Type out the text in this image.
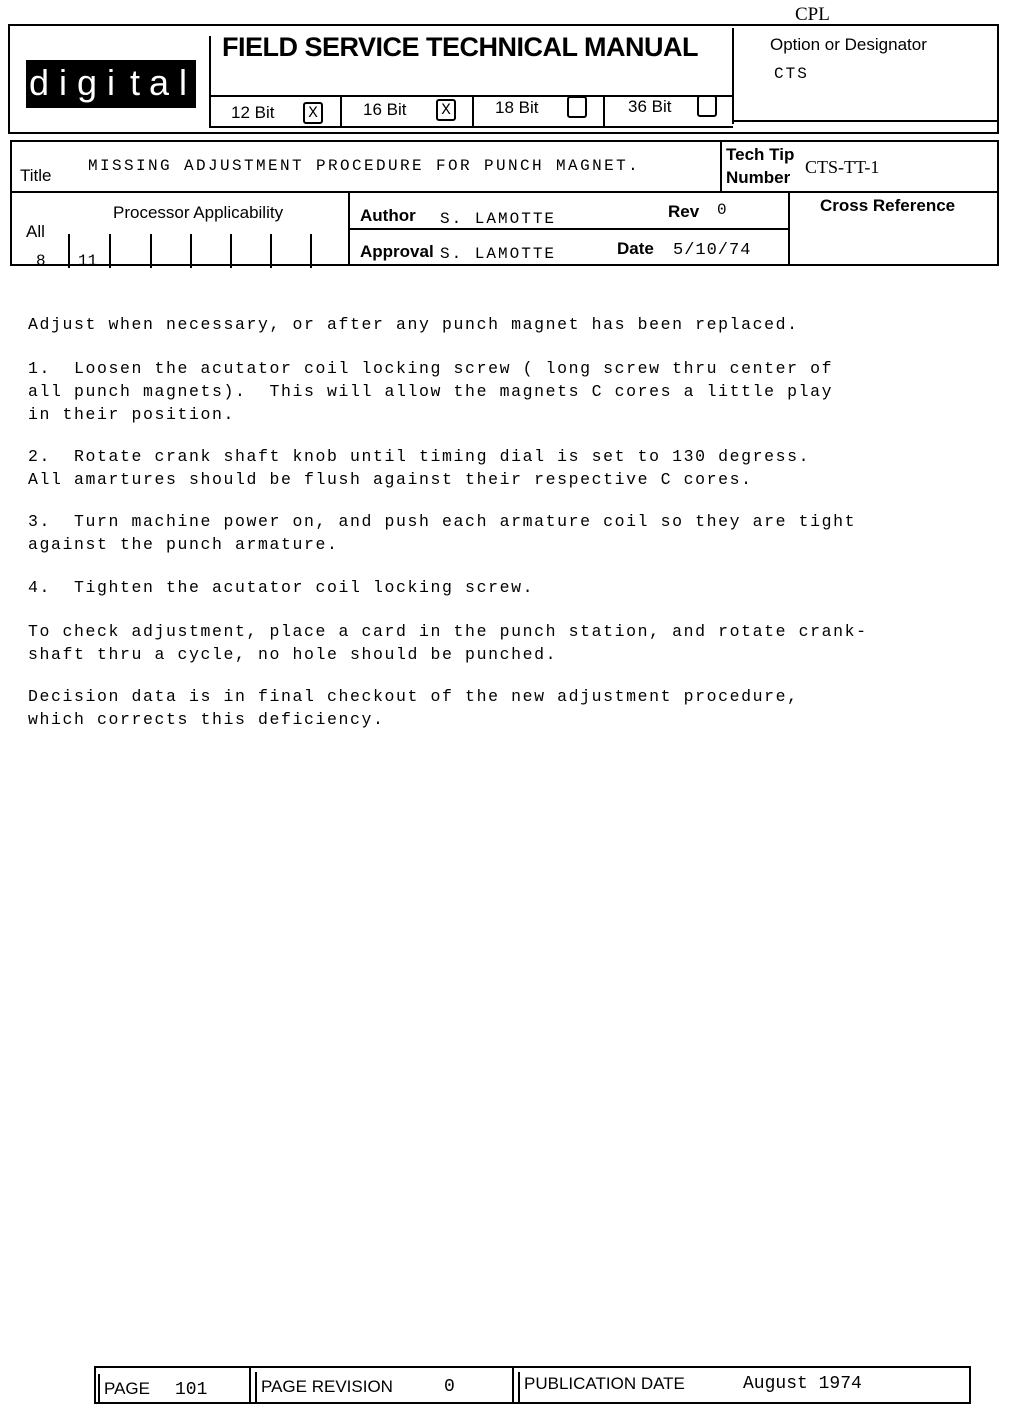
CPL
d i g i t a l
FIELD SERVICE TECHNICAL MANUAL	Option or Designator
CTS
12 Bit	X	16 Bit	X	18 Bit	36 Bit
Title MISSING ADJUSTMENT PROCEDURE FOR PUNCH MAGNET.
Tech Tip
Number
CTS-TT-1
Processor Applicability
All
8 11
Author S. LAMOTTE	Rev 0
Approval S. LAMOTTE	Date 5/10/74
Cross Reference
Adjust when necessary, or after any punch magnet has been replaced.
1.  Loosen the acutator coil locking screw ( long screw thru center of
all punch magnets).  This will allow the magnets C cores a little play
in their position.
2.  Rotate crank shaft knob until timing dial is set to 130 degress.
All amartures should be flush against their respective C cores.
3.  Turn machine power on, and push each armature coil so they are tight
against the punch armature.
4.  Tighten the acutator coil locking screw.
To check adjustment, place a card in the punch station, and rotate crank-
shaft thru a cycle, no hole should be punched.
Decision data is in final checkout of the new adjustment procedure,
which corrects this deficiency.
PAGE 101	PAGE REVISION	0	PUBLICATION DATE	August 1974
